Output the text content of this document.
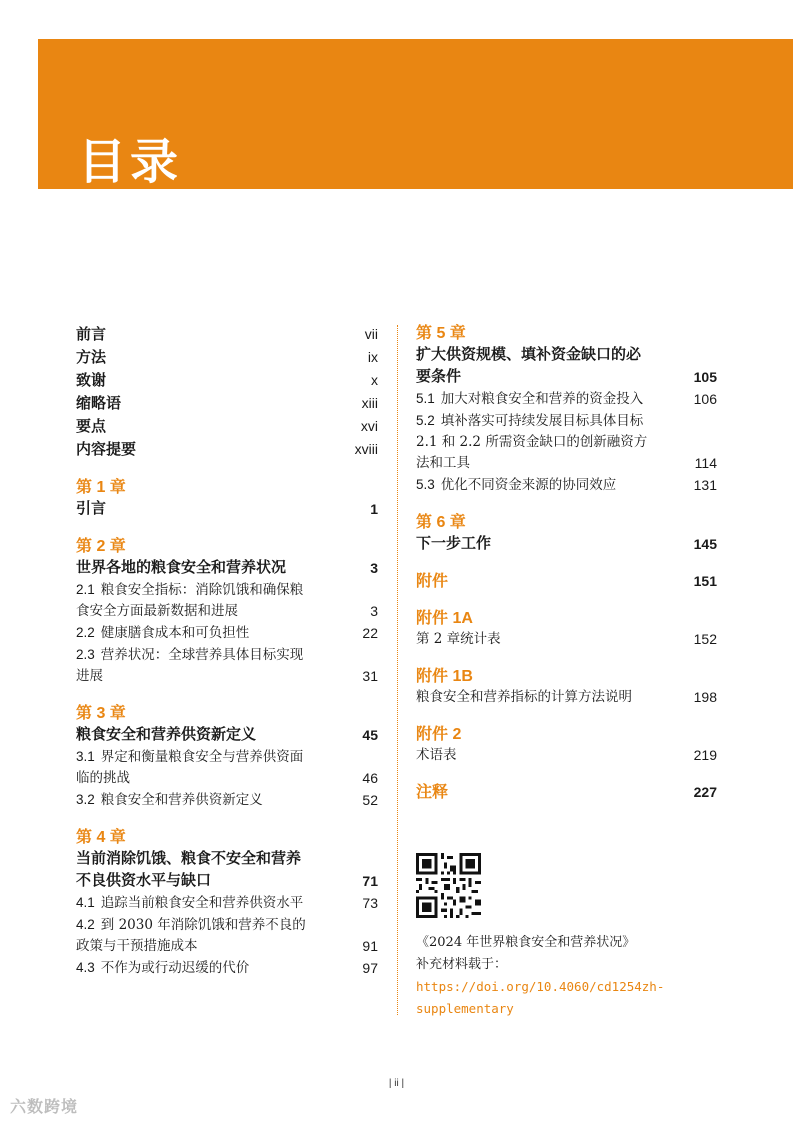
目录
前言	vii
方法	ix
致谢	x
缩略语	xiii
要点	xvi
内容提要	xviii
第 1 章
引言	1
第 2 章
世界各地的粮食安全和营养状况	3
2.1 粮食安全指标：消除饥饿和确保粮
食安全方面最新数据和进展	3
2.2 健康膳食成本和可负担性	22
2.3 营养状况：全球营养具体目标实现
进展	31
第 3 章
粮食安全和营养供资新定义	45
3.1 界定和衡量粮食安全与营养供资面
临的挑战	46
3.2 粮食安全和营养供资新定义	52
第 4 章
当前消除饥饿、粮食不安全和营养
不良供资水平与缺口	71
4.1 追踪当前粮食安全和营养供资水平	73
4.2 到 2030 年消除饥饿和营养不良的
政策与干预措施成本	91
4.3 不作为或行动迟缓的代价	97
第 5 章
扩大供资规模、填补资金缺口的必
要条件	105
5.1 加大对粮食安全和营养的资金投入	106
5.2 填补落实可持续发展目标具体目标
2.1 和 2.2 所需资金缺口的创新融资方
法和工具	114
5.3 优化不同资金来源的协同效应	131
第 6 章
下一步工作	145
附件	151
附件 1A
第 2 章统计表	152
附件 1B
粮食安全和营养指标的计算方法说明	198
附件 2
术语表	219
注释	227
《2024 年世界粮食安全和营养状况》
补充材料载于：
https://doi.org/10.4060/cd1254zh-
supplementary
| ii |
六数跨境
